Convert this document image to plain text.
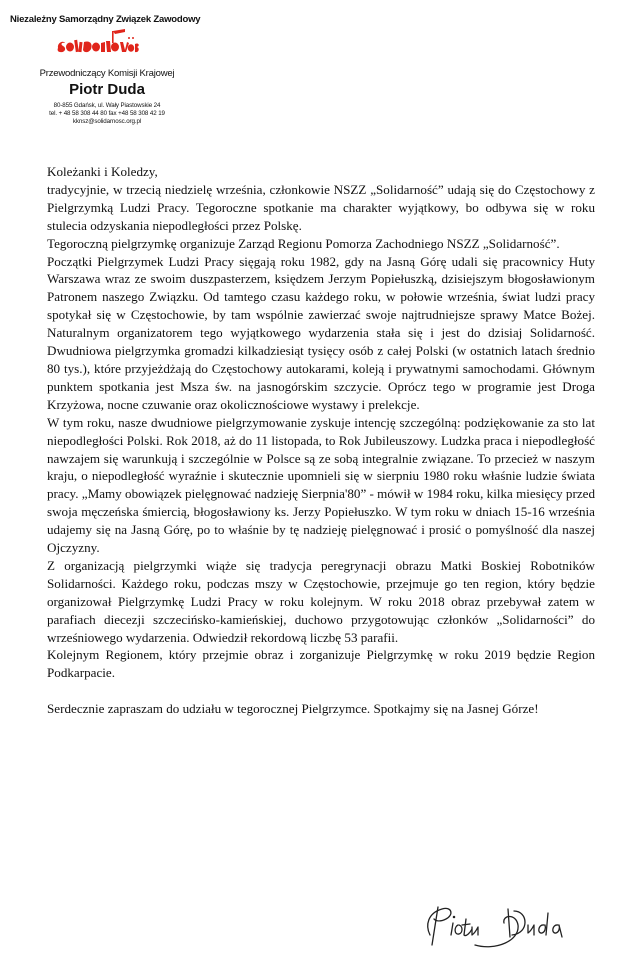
Niezależny Samorządny Związek Zawodowy
Przewodniczący Komisji Krajowej
Piotr Duda
80-855 Gdańsk, ul. Wały Piastowskie 24
tel. + 48 58 308 44 80 fax +48 58 308 42 19
kknsz@solidarnosc.org.pl

Koleżanki i Koledzy,

tradycyjnie, w trzecią niedzielę września, członkowie NSZZ „Solidarność” udają się do Częstochowy z Pielgrzymką Ludzi Pracy. Tegoroczne spotkanie ma charakter wyjątkowy, bo odbywa się w roku stulecia odzyskania niepodległości przez Polskę.

Tegoroczną pielgrzymkę organizuje Zarząd Regionu Pomorza Zachodniego NSZZ „Solidarność”.

Początki Pielgrzymek Ludzi Pracy sięgają roku 1982, gdy na Jasną Górę udali się pracownicy Huty Warszawa wraz ze swoim duszpasterzem, księdzem Jerzym Popiełuszką, dzisiejszym błogosławionym Patronem naszego Związku. Od tamtego czasu każdego roku, w połowie września, świat ludzi pracy spotykał się w Częstochowie, by tam wspólnie zawierzać swoje najtrudniejsze sprawy Matce Bożej. Naturalnym organizatorem tego wyjątkowego wydarzenia stała się i jest do dzisiaj Solidarność. Dwudniowa pielgrzymka gromadzi kilkadziesiąt tysięcy osób z całej Polski (w ostatnich latach średnio 80 tys.), które przyjeżdżają do Częstochowy autokarami, koleją i prywatnymi samochodami. Głównym punktem spotkania jest Msza św. na jasnogórskim szczycie. Oprócz tego w programie jest Droga Krzyżowa, nocne czuwanie oraz okolicznościowe wystawy i prelekcje.

W tym roku, nasze dwudniowe pielgrzymowanie zyskuje intencję szczególną: podziękowanie za sto lat niepodległości Polski. Rok 2018, aż do 11 listopada, to Rok Jubileuszowy. Ludzka praca i niepodległość nawzajem się warunkują i szczególnie w Polsce są ze sobą integralnie związane. To przecież w naszym kraju, o niepodległość wyraźnie i skutecznie upomnieli się w sierpniu 1980 roku właśnie ludzie świata pracy. „Mamy obowiązek pielęgnować nadzieję Sierpnia'80” - mówił w 1984 roku, kilka miesięcy przed swoja męczeńska śmiercią, błogosławiony ks. Jerzy Popiełuszko. W tym roku w dniach 15-16 września udajemy się na Jasną Górę, po to właśnie by tę nadzieję pielęgnować i prosić o pomyślność dla naszej Ojczyzny.

Z organizacją pielgrzymki wiąże się tradycja peregrynacji obrazu Matki Boskiej Robotników Solidarności. Każdego roku, podczas mszy w Częstochowie, przejmuje go ten region, który będzie organizował Pielgrzymkę Ludzi Pracy w roku kolejnym. W roku 2018 obraz przebywał zatem w parafiach diecezji szczecińsko-kamieńskiej, duchowo przygotowując członków „Solidarności” do wrześniowego wydarzenia. Odwiedził rekordową liczbę 53 parafii.

Kolejnym Regionem, który przejmie obraz i zorganizuje Pielgrzymkę w roku 2019 będzie Region Podkarpacie.

Serdecznie zapraszam do udziału w tegorocznej Pielgrzymce. Spotkajmy się na Jasnej Górze!
